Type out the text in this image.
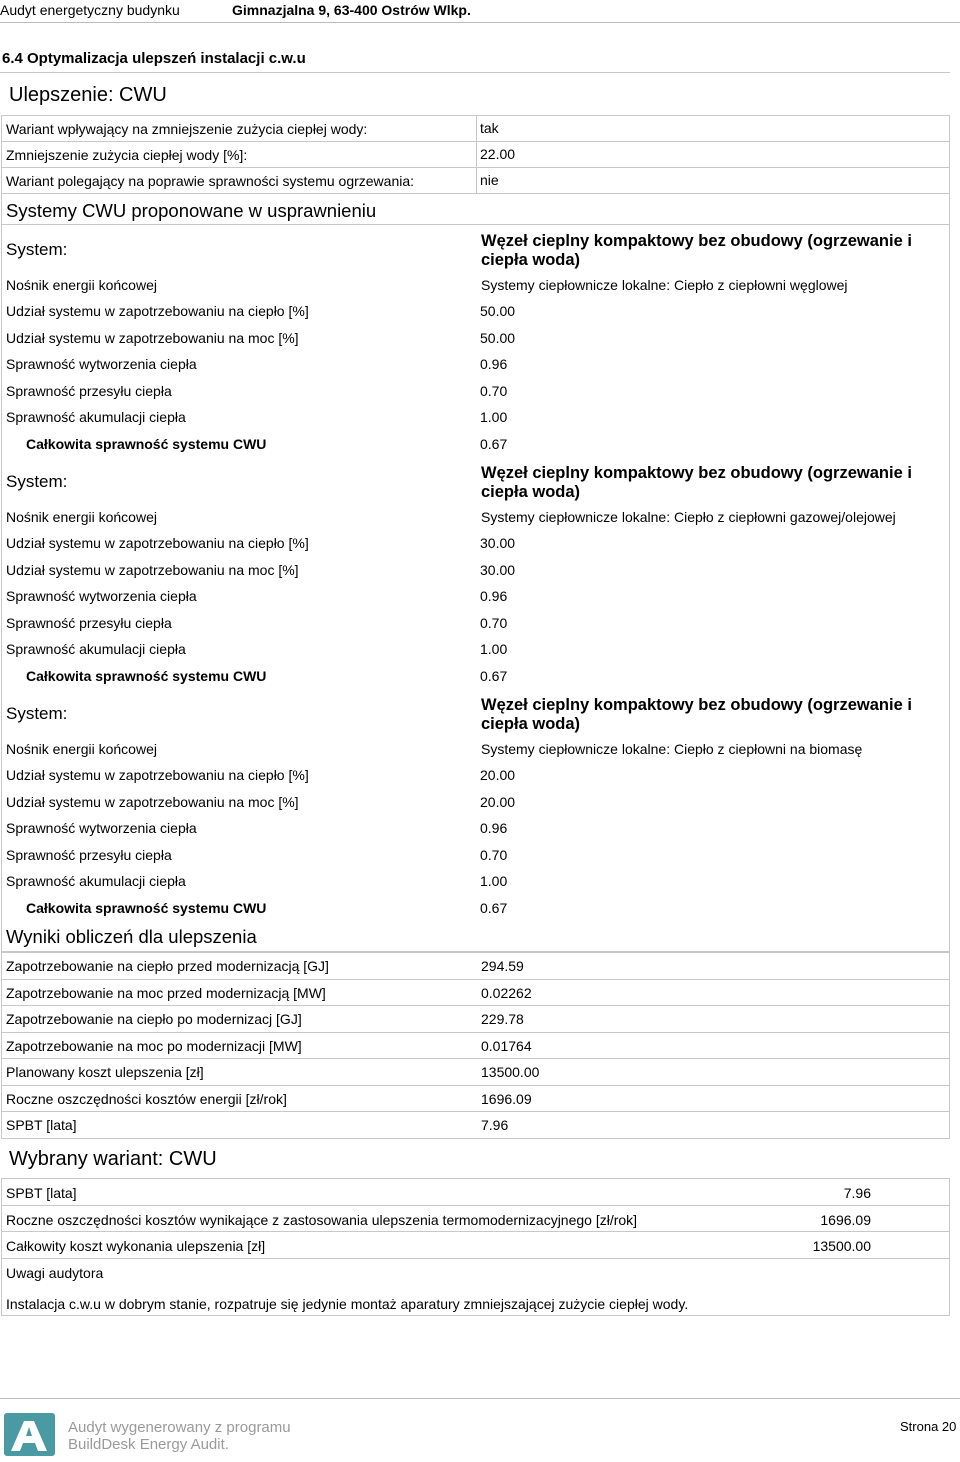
Audyt energetyczny budynku	Gimnazjalna 9, 63-400 Ostrów Wlkp.
6.4 Optymalizacja ulepszeń instalacji c.w.u
Ulepszenie: CWU
Wariant wpływający na zmniejszenie zużycia ciepłej wody:	tak
Zmniejszenie zużycia ciepłej wody [%]:	22.00
Wariant polegający na poprawie sprawności systemu ogrzewania:	nie
Systemy CWU proponowane w usprawnieniu
System:	Węzeł cieplny kompaktowy bez obudowy (ogrzewanie i ciepła woda)
Nośnik energii końcowej	Systemy ciepłownicze lokalne: Ciepło z ciepłowni węglowej
Udział systemu w zapotrzebowaniu na ciepło [%]	50.00
Udział systemu w zapotrzebowaniu na moc [%]	50.00
Sprawność wytworzenia ciepła	0.96
Sprawność przesyłu ciepła	0.70
Sprawność akumulacji ciepła	1.00
Całkowita sprawność systemu CWU	0.67
System:	Węzeł cieplny kompaktowy bez obudowy (ogrzewanie i ciepła woda)
Nośnik energii końcowej	Systemy ciepłownicze lokalne: Ciepło z ciepłowni gazowej/olejowej
Udział systemu w zapotrzebowaniu na ciepło [%]	30.00
Udział systemu w zapotrzebowaniu na moc [%]	30.00
Sprawność wytworzenia ciepła	0.96
Sprawność przesyłu ciepła	0.70
Sprawność akumulacji ciepła	1.00
Całkowita sprawność systemu CWU	0.67
System:	Węzeł cieplny kompaktowy bez obudowy (ogrzewanie i ciepła woda)
Nośnik energii końcowej	Systemy ciepłownicze lokalne: Ciepło z ciepłowni na biomasę
Udział systemu w zapotrzebowaniu na ciepło [%]	20.00
Udział systemu w zapotrzebowaniu na moc [%]	20.00
Sprawność wytworzenia ciepła	0.96
Sprawność przesyłu ciepła	0.70
Sprawność akumulacji ciepła	1.00
Całkowita sprawność systemu CWU	0.67
Wyniki obliczeń dla ulepszenia
Zapotrzebowanie na ciepło przed modernizacją [GJ]	294.59
Zapotrzebowanie na moc przed modernizacją [MW]	0.02262
Zapotrzebowanie na ciepło po modernizacj [GJ]	229.78
Zapotrzebowanie na moc po modernizacji [MW]	0.01764
Planowany koszt ulepszenia [zł]	13500.00
Roczne oszczędności kosztów energii [zł/rok]	1696.09
SPBT [lata]	7.96
Wybrany wariant: CWU
SPBT [lata]	7.96
Roczne oszczędności kosztów wynikające z zastosowania ulepszenia termomodernizacyjnego [zł/rok]	1696.09
Całkowity koszt wykonania ulepszenia [zł]	13500.00
Uwagi audytora
Instalacja c.w.u w dobrym stanie, rozpatruje się jedynie montaż aparatury zmniejszającej zużycie ciepłej wody.
Audyt wygenerowany z programu
BuildDesk Energy Audit.
Strona 20
